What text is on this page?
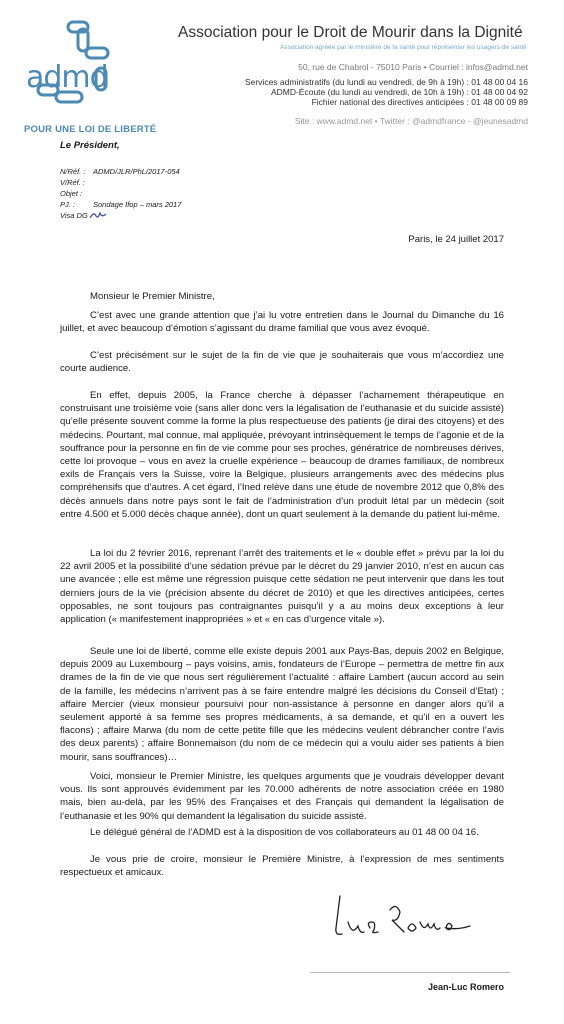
admd
POUR UNE LOI DE LIBERTÉ
Association pour le Droit de Mourir dans la Dignité
Association agréée par le ministère de la santé pour représenter les usagers de santé
50, rue de Chabrol - 75010 Paris • Courriel : infos@admd.net
Services administratifs (du lundi au vendredi, de 9h à 19h) : 01 48 00 04 16
ADMD-Écoute (du lundi au vendredi, de 10h à 19h) : 01 48 00 04 92
Fichier national des directives anticipées : 01 48 00 09 89
Site : www.admd.net • Twitter : @admdfrance - @jeunesadmd
Le Président,
N/Réf. :	ADMD/JLR/PhL/2017-054
V/Réf. :
Objet :
PJ. :	Sondage Ifop – mars 2017
Visa DG
Paris, le 24 juillet 2017
Monsieur le Premier Ministre,

C’est avec une grande attention que j’ai lu votre entretien dans le Journal du Dimanche du 16 juillet, et avec beaucoup d’émotion s’agissant du drame familial que vous avez évoqué.

C’est précisément sur le sujet de la fin de vie que je souhaiterais que vous m’accordiez une courte audience.

En effet, depuis 2005, la France cherche à dépasser l’acharnement thérapeutique en construisant une troisième voie (sans aller donc vers la légalisation de l’euthanasie et du suicide assisté) qu’elle présente souvent comme la forme la plus respectueuse des patients (je dirai des citoyens) et des médecins. Pourtant, mal connue, mal appliquée, prévoyant intrinsèquement le temps de l’agonie et de la souffrance pour la personne en fin de vie comme pour ses proches, génératrice de nombreuses dérives, cette loi provoque – vous en avez la cruelle expérience – beaucoup de drames familiaux, de nombreux exils de Français vers la Suisse, voire la Belgique, plusieurs arrangements avec des médecins plus compréhensifs que d’autres. A cet égard, l’Ined relève dans une étude de novembre 2012 que 0,8% des décès annuels dans notre pays sont le fait de l’administration d’un produit létal par un médecin (soit entre 4.500 et 5.000 décès chaque année), dont un quart seulement à la demande du patient lui-même.

La loi du 2 février 2016, reprenant l’arrêt des traitements et le « double effet » prévu par la loi du 22 avril 2005 et la possibilité d’une sédation prévue par le décret du 29 janvier 2010, n’est en aucun cas une avancée ; elle est même une régression puisque cette sédation ne peut intervenir que dans les tout derniers jours de la vie (précision absente du décret de 2010) et que les directives anticipées, certes opposables, ne sont toujours pas contraignantes puisqu’il y a au moins deux exceptions à leur application (« manifestement inappropriées » et « en cas d’urgence vitale »).

Seule une loi de liberté, comme elle existe depuis 2001 aux Pays-Bas, depuis 2002 en Belgique, depuis 2009 au Luxembourg – pays voisins, amis, fondateurs de l’Europe – permettra de mettre fin aux drames de la fin de vie que nous sert régulièrement l’actualité : affaire Lambert (aucun accord au sein de la famille, les médecins n’arrivent pas à se faire entendre malgré les décisions du Conseil d’Etat) ; affaire Mercier (vieux monsieur poursuivi pour non-assistance à personne en danger alors qu’il a seulement apporté à sa femme ses propres médicaments, à sa demande, et qu’il en a ouvert les flacons) ; affaire Marwa (du nom de cette petite fille que les médecins veulent débrancher contre l’avis des deux parents) ; affaire Bonnemaison (du nom de ce médecin qui a voulu aider ses patients à bien mourir, sans souffrances)…

Voici, monsieur le Premier Ministre, les quelques arguments que je voudrais développer devant vous. Ils sont approuvés évidemment par les 70.000 adhérents de notre association créée en 1980 mais, bien au-delà, par les 95% des Françaises et des Français qui demandent la légalisation de l’euthanasie et les 90% qui demandent la légalisation du suicide assisté.

Le délégué général de l’ADMD est à la disposition de vos collaborateurs au 01 48 00 04 16.

Je vous prie de croire, monsieur le Première Ministre, à l’expression de mes sentiments respectueux et amicaux.

Jean-Luc Romero
